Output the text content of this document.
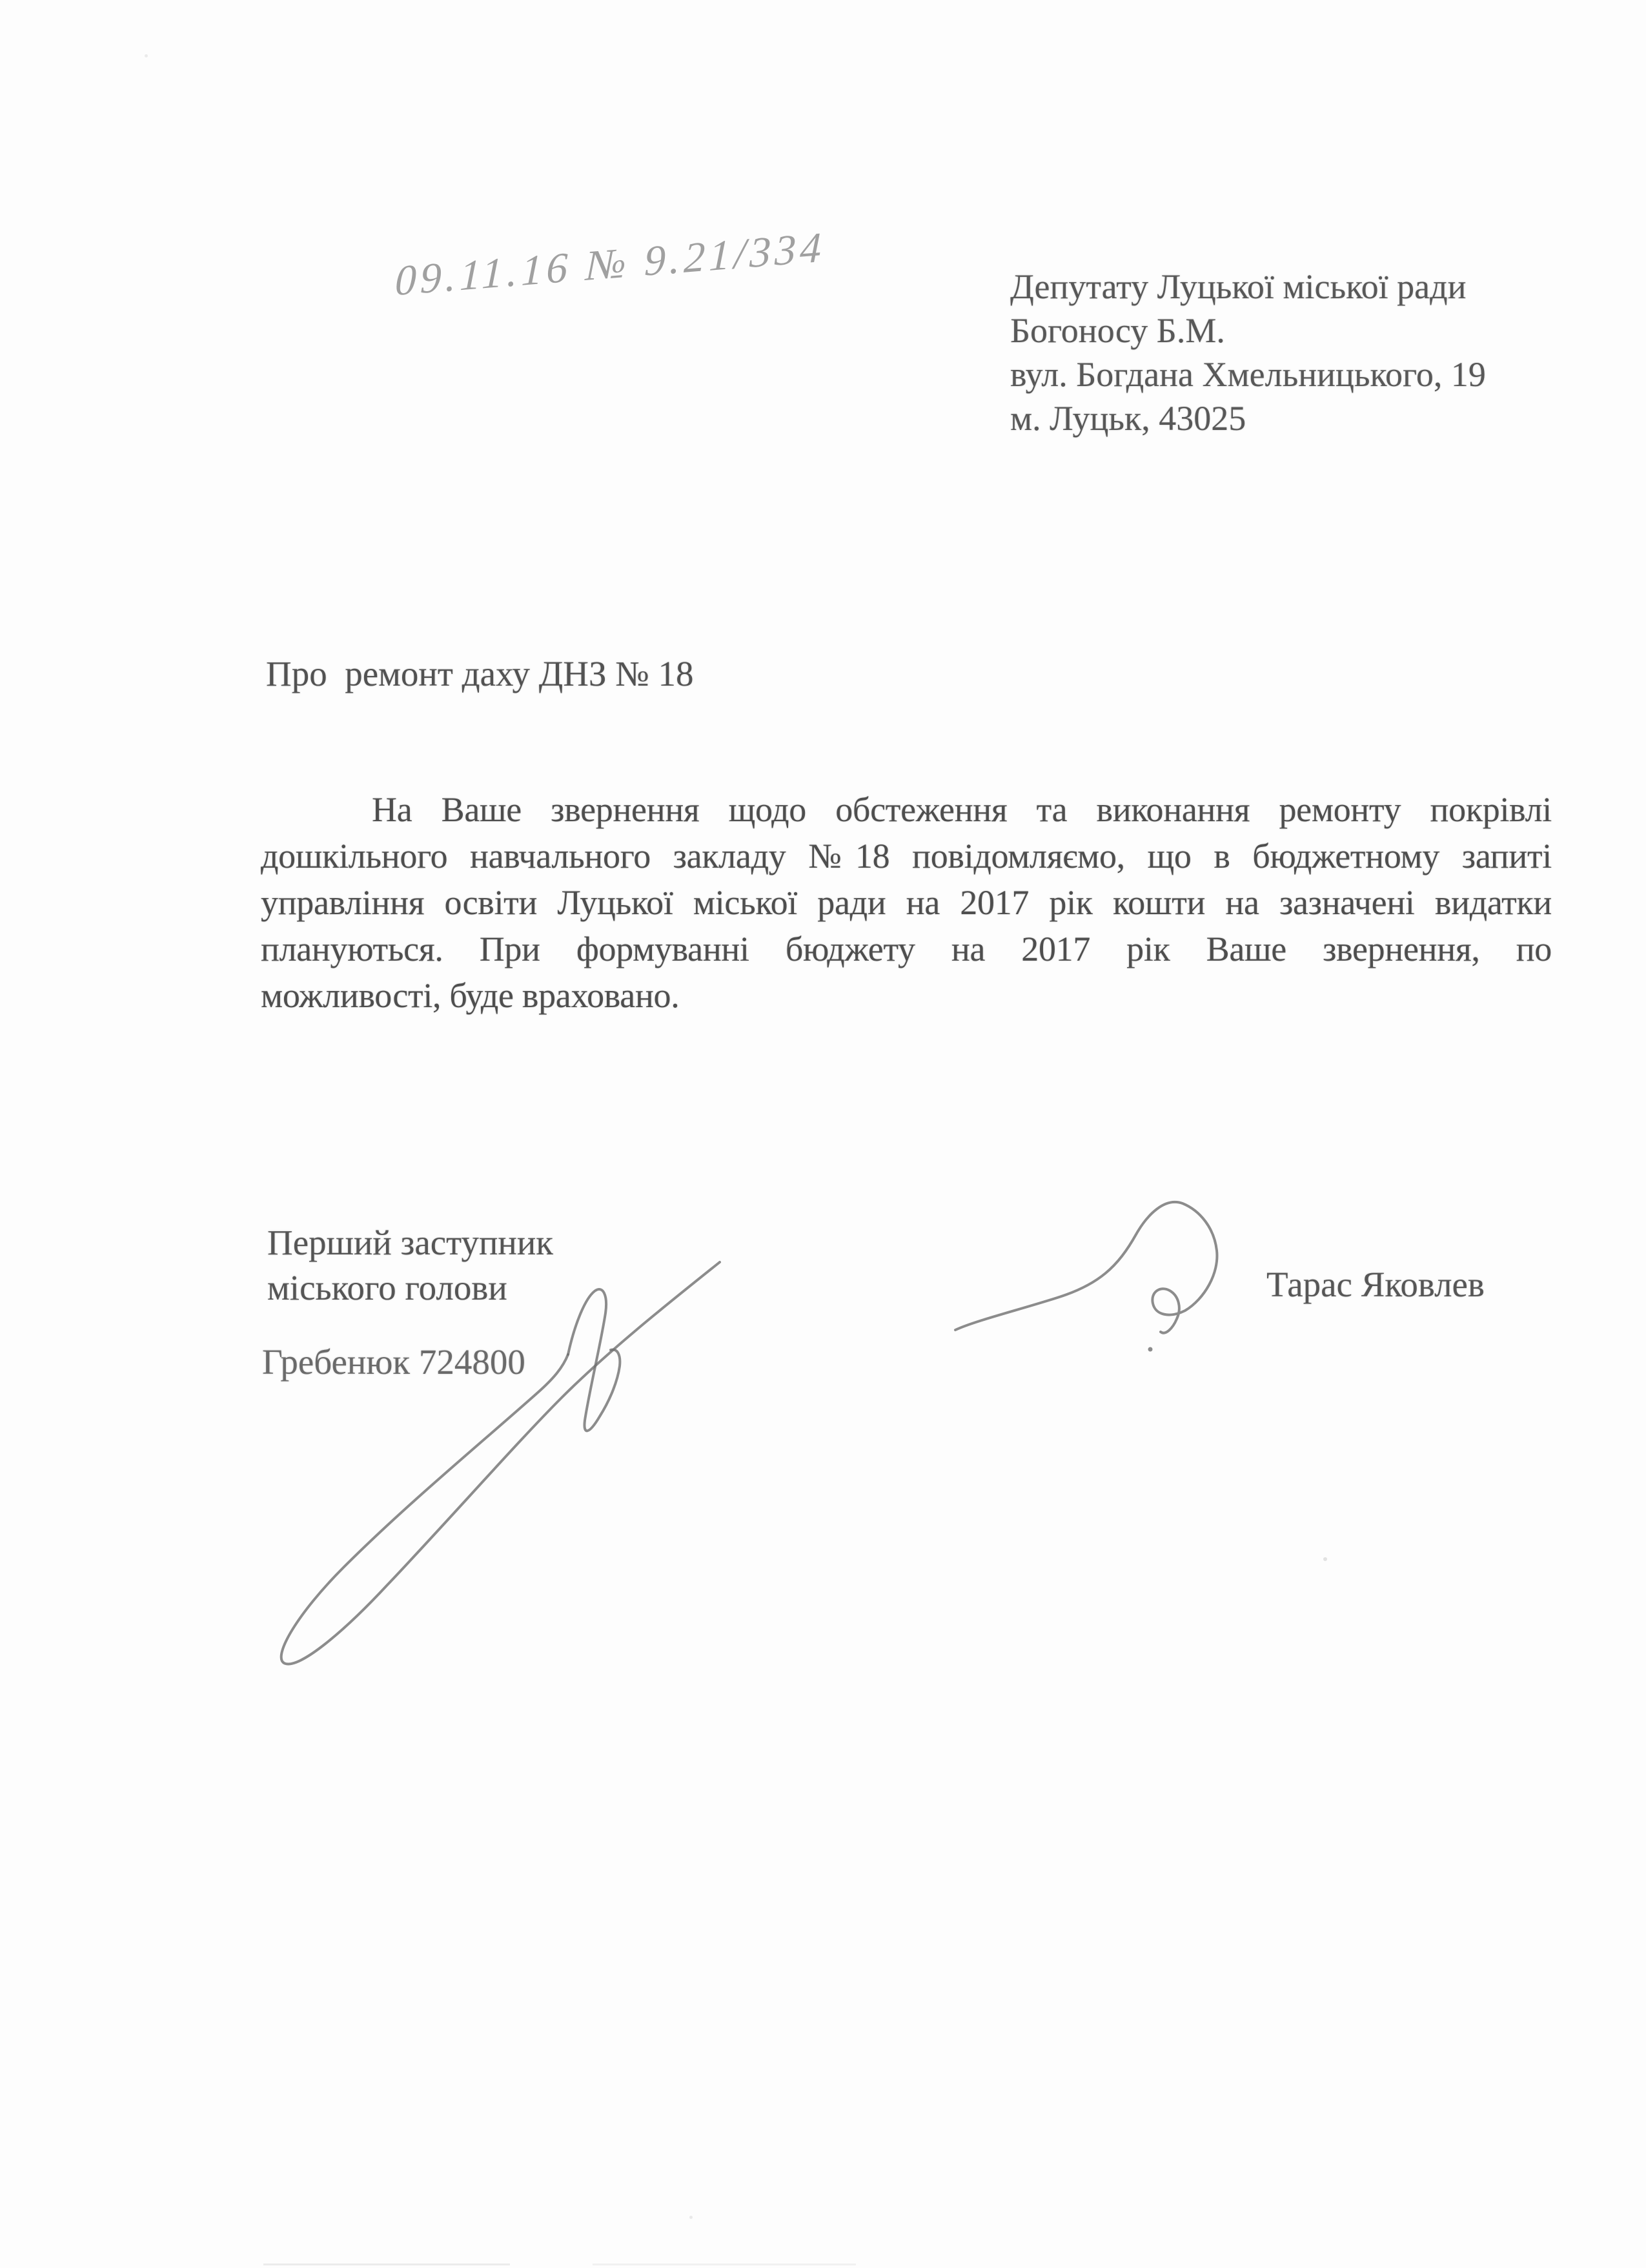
09.11.16 № 9.21/334	Депутату Луцької міської ради
Богоносу Б.М.
вул. Богдана Хмельницького, 19
м. Луцьк, 43025
Про  ремонт даху ДНЗ № 18
На Ваше звернення щодо обстеження та виконання ремонту покрівлі
дошкільного навчального закладу №18 повідомляємо, що в бюджетному запиті
управління освіти Луцької міської ради на 2017 рік кошти на зазначені видатки
плануються. При формуванні бюджету на 2017 рік Ваше звернення, по
можливості, буде враховано.
Перший заступник
міського голови
Гребенюк 724800
Тарас Яковлев
